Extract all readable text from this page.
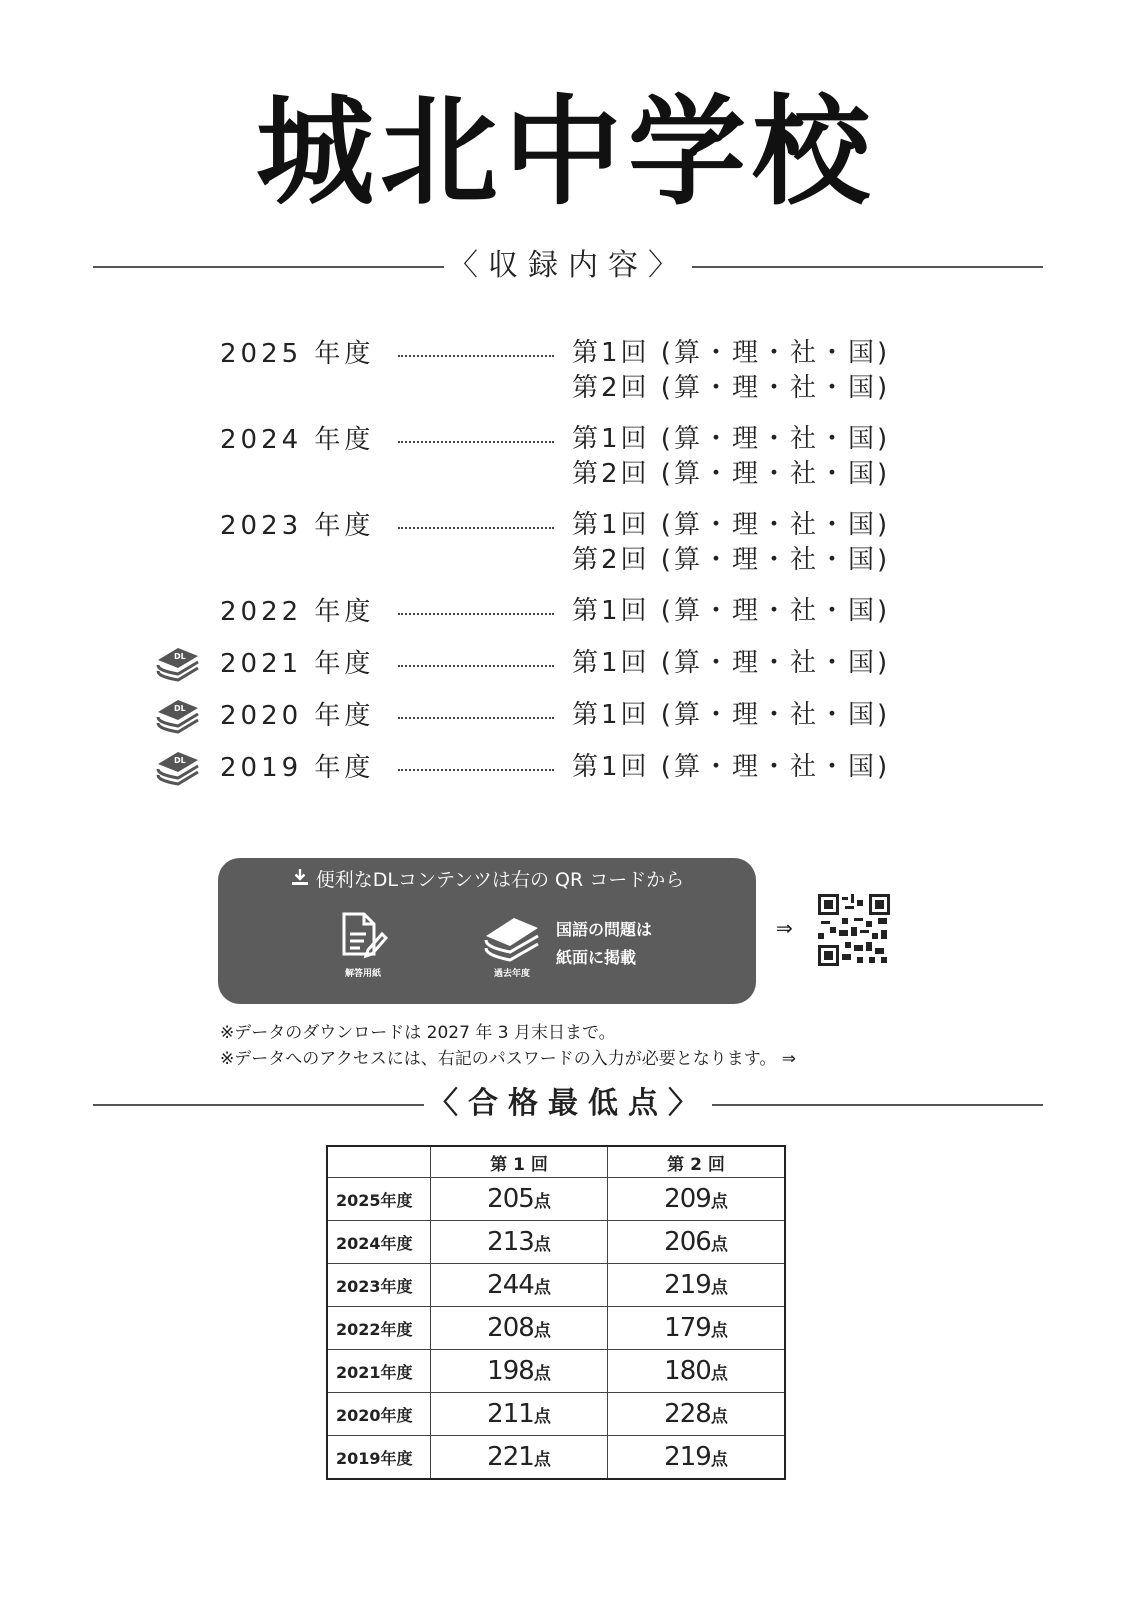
城北中学校
〈収録内容〉
2025 年度	第1回 (算・理・社・国)
第2回 (算・理・社・国)
2024 年度	第1回 (算・理・社・国)
第2回 (算・理・社・国)
2023 年度	第1回 (算・理・社・国)
第2回 (算・理・社・国)
2022 年度	第1回 (算・理・社・国)
DL 2021 年度	第1回 (算・理・社・国)
DL 2020 年度	第1回 (算・理・社・国)
DL 2019 年度	第1回 (算・理・社・国)
便利なDLコンテンツは右の QR コードから
解答用紙	過去年度
国語の問題は
紙面に掲載
⇒
※データのダウンロードは 2027 年 3 月末日まで。
※データへのアクセスには、右記のパスワードの入力が必要となります。 ⇒
〈合格最低点〉
	第 1 回	第 2 回
2025年度	205点	209点
2024年度	213点	206点
2023年度	244点	219点
2022年度	208点	179点
2021年度	198点	180点
2020年度	211点	228点
2019年度	221点	219点
